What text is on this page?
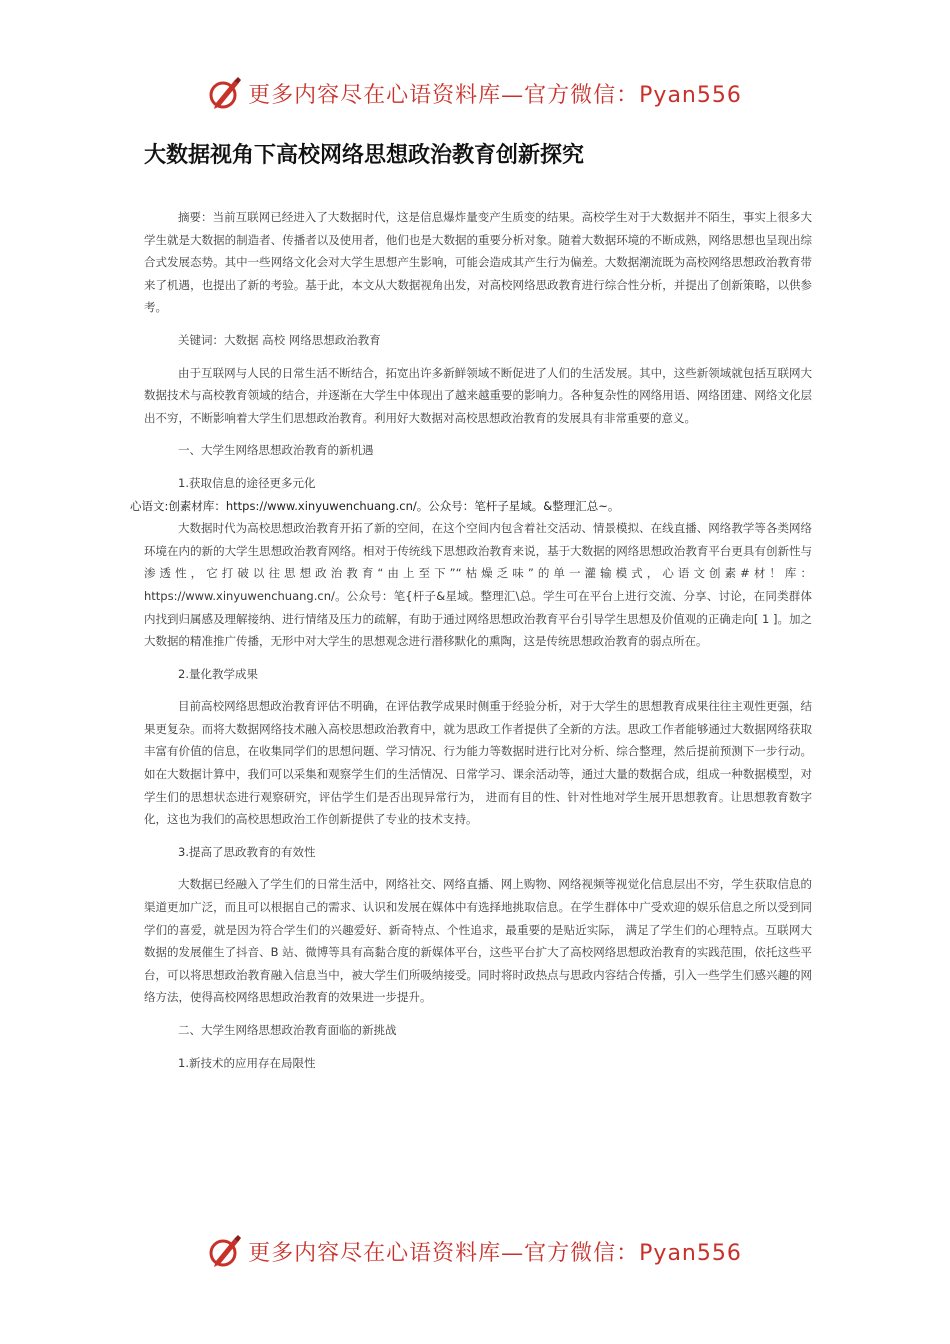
更多内容尽在心语资料库—官方微信：Pyan556
大数据视角下高校网络思想政治教育创新探究

摘要：当前互联网已经进入了大数据时代，这是信息爆炸量变产生质变的结果。高校学生对于大数据并不陌生，事实上很多大学生就是大数据的制造者、传播者以及使用者，他们也是大数据的重要分析对象。随着大数据环境的不断成熟，网络思想也呈现出综合式发展态势。其中一些网络文化会对大学生思想产生影响，可能会造成其产生行为偏差。大数据潮流既为高校网络思想政治教育带来了机遇，也提出了新的考验。基于此，本文从大数据视角出发，对高校网络思政教育进行综合性分析，并提出了创新策略，以供参考。

关键词：大数据 高校 网络思想政治教育

由于互联网与人民的日常生活不断结合，拓宽出许多新鲜领域不断促进了人们的生活发展。其中，这些新领域就包括互联网大数据技术与高校教育领域的结合，并逐渐在大学生中体现出了越来越重要的影响力。各种复杂性的网络用语、网络团建、网络文化层出不穷，不断影响着大学生们思想政治教育。利用好大数据对高校思想政治教育的发展具有非常重要的意义。

一、大学生网络思想政治教育的新机遇

1.获取信息的途径更多元化

心语文:创素材库：https://www.xinyuwenchuang.cn/。公众号：笔杆子星域。&整理汇总~。

大数据时代为高校思想政治教育开拓了新的空间，在这个空间内包含着社交活动、情景模拟、在线直播、网络教学等各类网络环境在内的新的大学生思想政治教育网络。相对于传统线下思想政治教育来说，基于大数据的网络思想政治教育平台更具有创新性与渗透性，它打破以往思想政治教育“由上至下”“枯燥乏味”的单一灌输模式，心语文创素#材！库：https://www.xinyuwenchuang.cn/。公众号：笔{杆子&星域。整理汇\总。学生可在平台上进行交流、分享、讨论，在同类群体内找到归属感及理解接纳、进行情绪及压力的疏解，有助于通过网络思想政治教育平台引导学生思想及价值观的正确走向[ 1 ]。加之大数据的精准推广传播，无形中对大学生的思想观念进行潜移默化的熏陶，这是传统思想政治教育的弱点所在。

2.量化教学成果

目前高校网络思想政治教育评估不明确，在评估教学成果时侧重于经验分析，对于大学生的思想教育成果往往主观性更强，结果更复杂。而将大数据网络技术融入高校思想政治教育中，就为思政工作者提供了全新的方法。思政工作者能够通过大数据网络获取丰富有价值的信息，在收集同学们的思想问题、学习情况、行为能力等数据时进行比对分析、综合整理，然后提前预测下一步行动。如在大数据计算中，我们可以采集和观察学生们的生活情况、日常学习、课余活动等，通过大量的数据合成，组成一种数据模型，对学生们的思想状态进行观察研究，评估学生们是否出现异常行为， 进而有目的性、针对性地对学生展开思想教育。让思想教育数字化，这也为我们的高校思想政治工作创新提供了专业的技术支持。

3.提高了思政教育的有效性

大数据已经融入了学生们的日常生活中，网络社交、网络直播、网上购物、网络视频等视觉化信息层出不穷，学生获取信息的渠道更加广泛，而且可以根据自己的需求、认识和发展在媒体中有选择地挑取信息。在学生群体中广受欢迎的娱乐信息之所以受到同学们的喜爱，就是因为符合学生们的兴趣爱好、新奇特点、个性追求，最重要的是贴近实际， 满足了学生们的心理特点。互联网大数据的发展催生了抖音、B 站、微博等具有高黏合度的新媒体平台，这些平台扩大了高校网络思想政治教育的实践范围，依托这些平台，可以将思想政治教育融入信息当中，被大学生们所吸纳接受。同时将时政热点与思政内容结合传播，引入一些学生们感兴趣的网络方法，使得高校网络思想政治教育的效果进一步提升。

二、大学生网络思想政治教育面临的新挑战

1.新技术的应用存在局限性

更多内容尽在心语资料库—官方微信：Pyan556
